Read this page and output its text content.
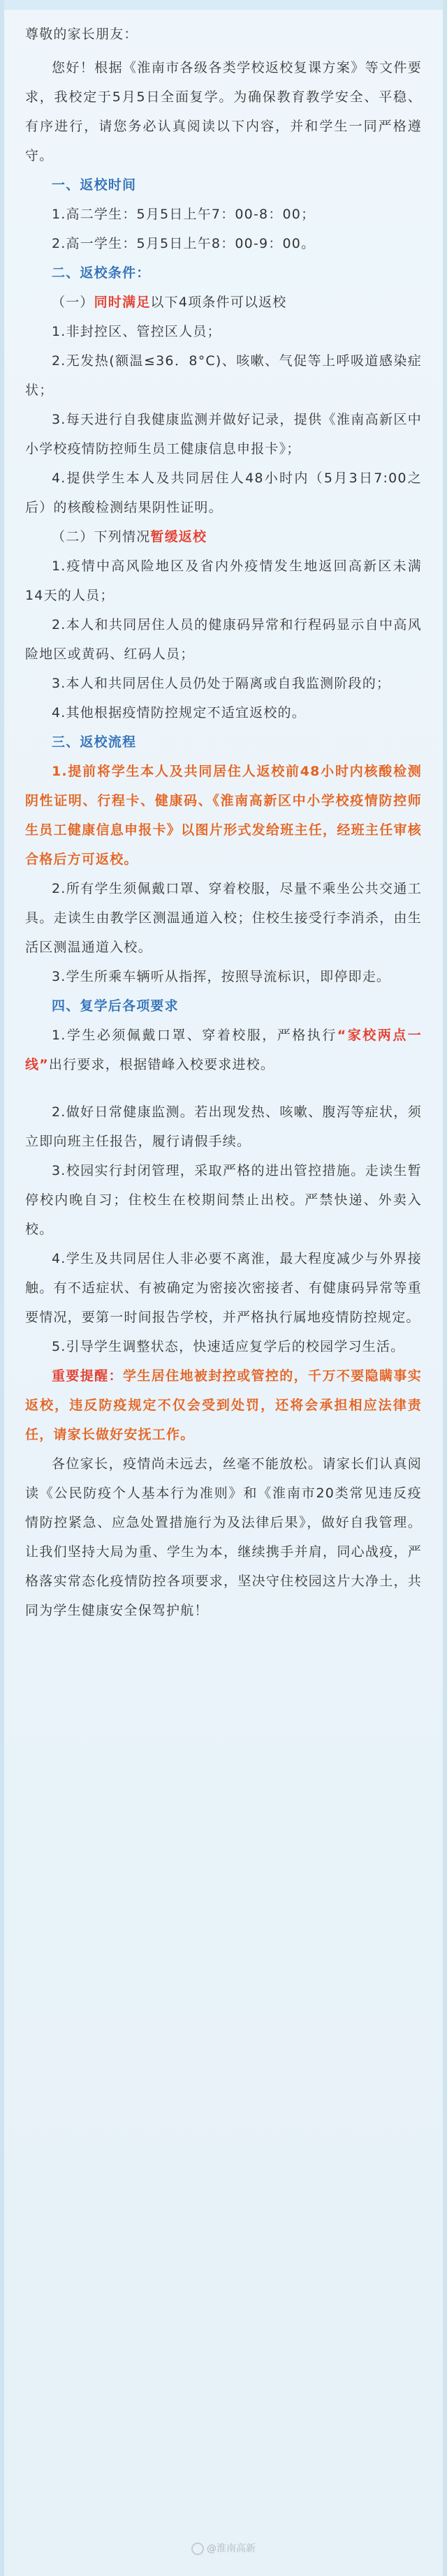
尊敬的家长朋友：

您好！根据《淮南市各级各类学校返校复课方案》等文件要求，我校定于5月5日全面复学。为确保教育教学安全、平稳、有序进行，请您务必认真阅读以下内容，并和学生一同严格遵守。

一、返校时间

1.高二学生：5月5日上午7：00-8：00；

2.高一学生：5月5日上午8：00-9：00。

二、返校条件：

（一）同时满足以下4项条件可以返校

1.非封控区、管控区人员；

2.无发热(额温≤36．8°C)、咳嗽、气促等上呼吸道感染症状；

3.每天进行自我健康监测并做好记录，提供《淮南高新区中小学校疫情防控师生员工健康信息申报卡》；

4.提供学生本人及共同居住人48小时内（5月3日7:00之后）的核酸检测结果阴性证明。

（二）下列情况暂缓返校

1.疫情中高风险地区及省内外疫情发生地返回高新区未满14天的人员；

2.本人和共同居住人员的健康码异常和行程码显示自中高风险地区或黄码、红码人员；

3.本人和共同居住人员仍处于隔离或自我监测阶段的；

4.其他根据疫情防控规定不适宜返校的。

三、返校流程

1.提前将学生本人及共同居住人返校前48小时内核酸检测阴性证明、行程卡、健康码、《淮南高新区中小学校疫情防控师生员工健康信息申报卡》以图片形式发给班主任，经班主任审核合格后方可返校。

2.所有学生须佩戴口罩、穿着校服，尽量不乘坐公共交通工具。走读生由教学区测温通道入校；住校生接受行李消杀，由生活区测温通道入校。

3.学生所乘车辆听从指挥，按照导流标识，即停即走。

四、复学后各项要求

1.学生必须佩戴口罩、穿着校服，严格执行“家校两点一线”出行要求，根据错峰入校要求进校。

2.做好日常健康监测。若出现发热、咳嗽、腹泻等症状，须立即向班主任报告，履行请假手续。

3.校园实行封闭管理，采取严格的进出管控措施。走读生暂停校内晚自习；住校生在校期间禁止出校。严禁快递、外卖入校。

4.学生及共同居住人非必要不离淮，最大程度减少与外界接触。有不适症状、有被确定为密接次密接者、有健康码异常等重要情况，要第一时间报告学校，并严格执行属地疫情防控规定。

5.引导学生调整状态，快速适应复学后的校园学习生活。

重要提醒：学生居住地被封控或管控的，千万不要隐瞒事实返校，违反防疫规定不仅会受到处罚，还将会承担相应法律责任，请家长做好安抚工作。

各位家长，疫情尚未远去，丝毫不能放松。请家长们认真阅读《公民防疫个人基本行为准则》和《淮南市20类常见违反疫情防控紧急、应急处置措施行为及法律后果》，做好自我管理。让我们坚持大局为重、学生为本，继续携手并肩，同心战疫，严格落实常态化疫情防控各项要求，坚决守住校园这片大净土，共同为学生健康安全保驾护航！

@淮南高新
